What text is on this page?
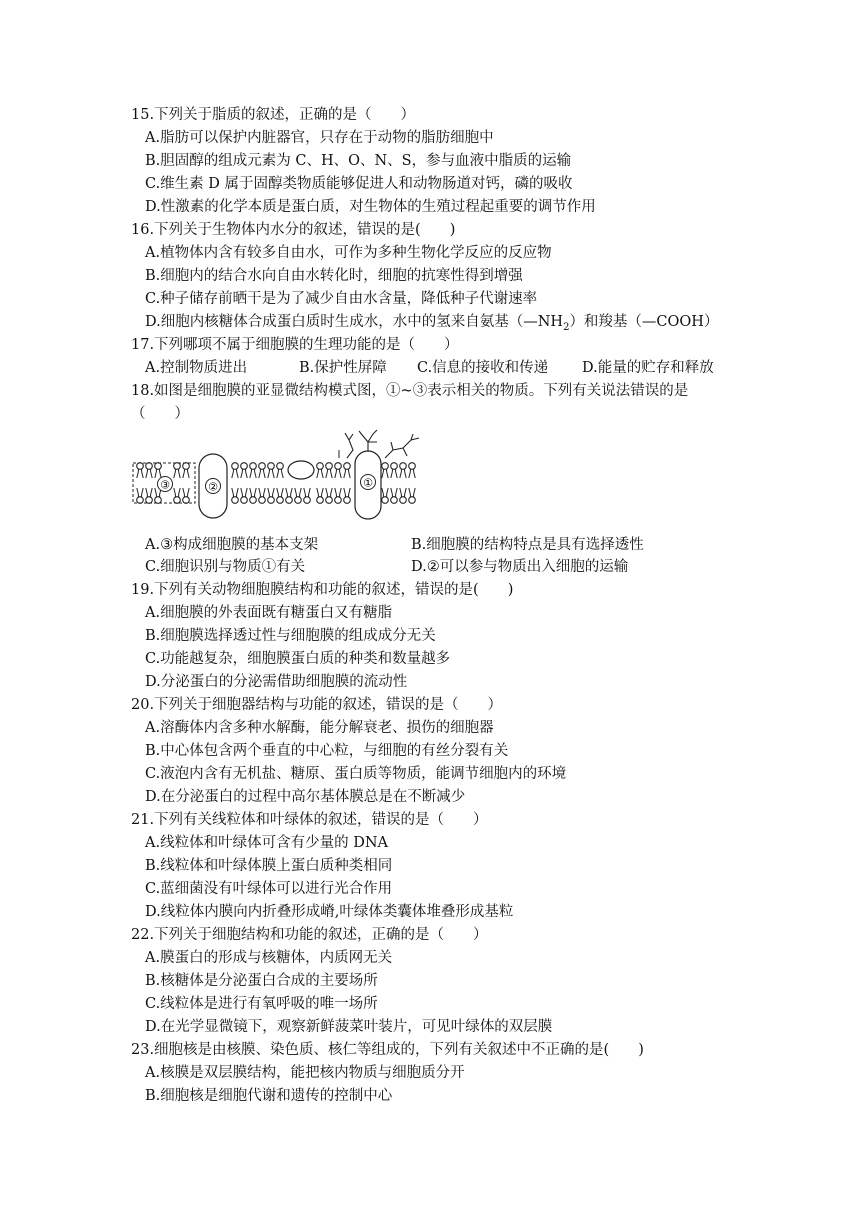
15.下列关于脂质的叙述，正确的是（　　）
A.脂肪可以保护内脏器官，只存在于动物的脂肪细胞中
B.胆固醇的组成元素为 C、H、O、N、S，参与血液中脂质的运输
C.维生素 D 属于固醇类物质能够促进人和动物肠道对钙，磷的吸收
D.性激素的化学本质是蛋白质，对生物体的生殖过程起重要的调节作用
16.下列关于生物体内水分的叙述，错误的是(　　)
A.植物体内含有较多自由水，可作为多种生物化学反应的反应物
B.细胞内的结合水向自由水转化时，细胞的抗寒性得到增强
C.种子储存前晒干是为了减少自由水含量，降低种子代谢速率
D.细胞内核糖体合成蛋白质时生成水，水中的氢来自氨基$(—NH_2)$和羧基（—COOH）
17.下列哪项不属于细胞膜的生理功能的是（　　）
A.控制物质进出	B.保护性屏障 C.信息的接收和传递 D.能量的贮存和释放
18.如图是细胞膜的亚显微结构模式图，①~③表示相关的物质。下列有关说法错误的是
（　　）
③	②	①
A.③构成细胞膜的基本支架	B.细胞膜的结构特点是具有选择透性
C.细胞识别与物质①有关	D.②可以参与物质出入细胞的运输
19.下列有关动物细胞膜结构和功能的叙述，错误的是(　　)
A.细胞膜的外表面既有糖蛋白又有糖脂
B.细胞膜选择透过性与细胞膜的组成成分无关
C.功能越复杂，细胞膜蛋白质的种类和数量越多
D.分泌蛋白的分泌需借助细胞膜的流动性
20.下列关于细胞器结构与功能的叙述，错误的是（　　）
A.溶酶体内含多种水解酶，能分解衰老、损伤的细胞器
B.中心体包含两个垂直的中心粒，与细胞的有丝分裂有关
C.液泡内含有无机盐、糖原、蛋白质等物质，能调节细胞内的环境
D.在分泌蛋白的过程中高尔基体膜总是在不断减少
21.下列有关线粒体和叶绿体的叙述，错误的是（　　）
A.线粒体和叶绿体可含有少量的 DNA
B.线粒体和叶绿体膜上蛋白质种类相同
C.蓝细菌没有叶绿体可以进行光合作用
D.线粒体内膜向内折叠形成嵴,叶绿体类囊体堆叠形成基粒
22.下列关于细胞结构和功能的叙述，正确的是（　　）
A.膜蛋白的形成与核糖体，内质网无关
B.核糖体是分泌蛋白合成的主要场所
C.线粒体是进行有氧呼吸的唯一场所
D.在光学显微镜下，观察新鲜菠菜叶装片，可见叶绿体的双层膜
23.细胞核是由核膜、染色质、核仁等组成的，下列有关叙述中不正确的是(　　)
A.核膜是双层膜结构，能把核内物质与细胞质分开
B.细胞核是细胞代谢和遗传的控制中心
